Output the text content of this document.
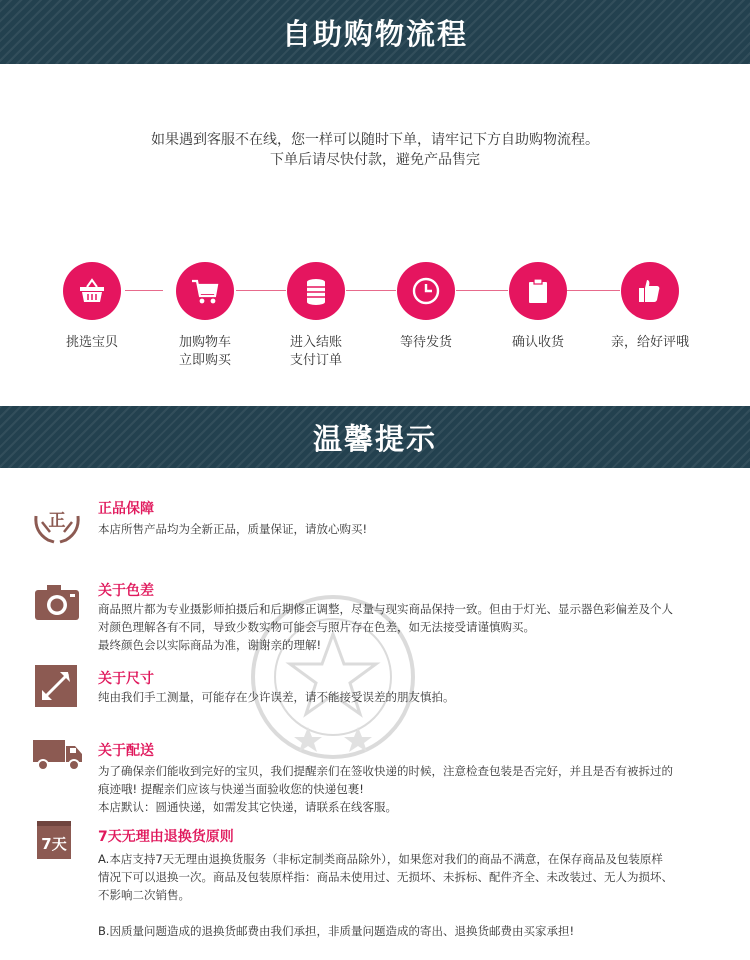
自助购物流程

如果遇到客服不在线，您一样可以随时下单，请牢记下方自助购物流程。

下单后请尽快付款，避免产品售完

挑选宝贝	加购物车
立即购买
进入结账
支付订单
等待发货	确认收货	亲，给好评哦
温馨提示
正
正品保障

本店所售产品均为全新正品，质量保证，请放心购买!

关于色差

商品照片都为专业摄影师拍摄后和后期修正调整，尽量与现实商品保持一致。但由于灯光、显示器色彩偏差及个人

对颜色理解各有不同，导致少数实物可能会与照片存在色差，如无法接受请谨慎购买。

最终颜色会以实际商品为准，谢谢亲的理解!

关于尺寸

纯由我们手工测量，可能存在少许误差，请不能接受误差的朋友慎拍。

关于配送

为了确保亲们能收到完好的宝贝，我们提醒亲们在签收快递的时候，注意检查包装是否完好，并且是否有被拆过的

痕迹哦! 提醒亲们应该与快递当面验收您的快递包裹!

本店默认：圆通快递，如需发其它快递，请联系在线客服。

7天 7天无理由退换货原则

A.本店支持7天无理由退换货服务（非标定制类商品除外），如果您对我们的商品不满意，在保存商品及包装原样

情况下可以退换一次。商品及包装原样指：商品未使用过、无损坏、未拆标、配件齐全、未改装过、无人为损坏、

不影响二次销售。

B.因质量问题造成的退换货邮费由我们承担，非质量问题造成的寄出、退换货邮费由买家承担!
